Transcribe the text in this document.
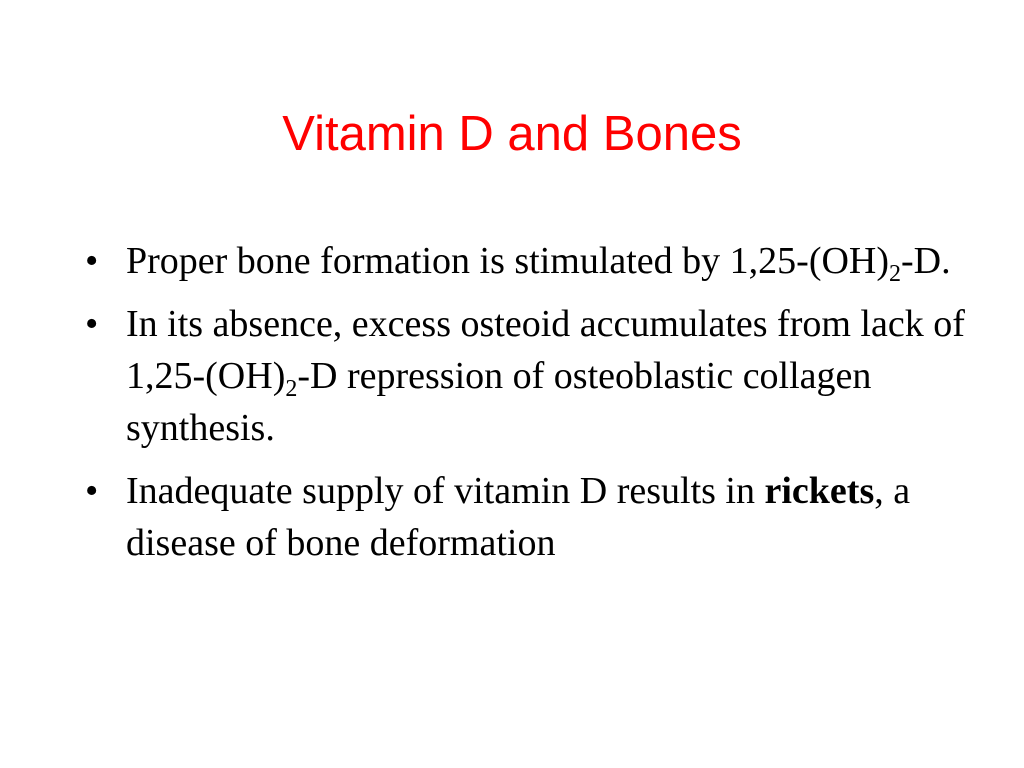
Vitamin D and Bones
• Proper bone formation is stimulated by $1,25-(OH)_2-D$.
• In its absence, excess osteoid accumulates from lack of $1,25-(OH)_2-D$ repression of osteoblastic collagen synthesis.
• Inadequate supply of vitamin D results in rickets, a disease of bone deformation
